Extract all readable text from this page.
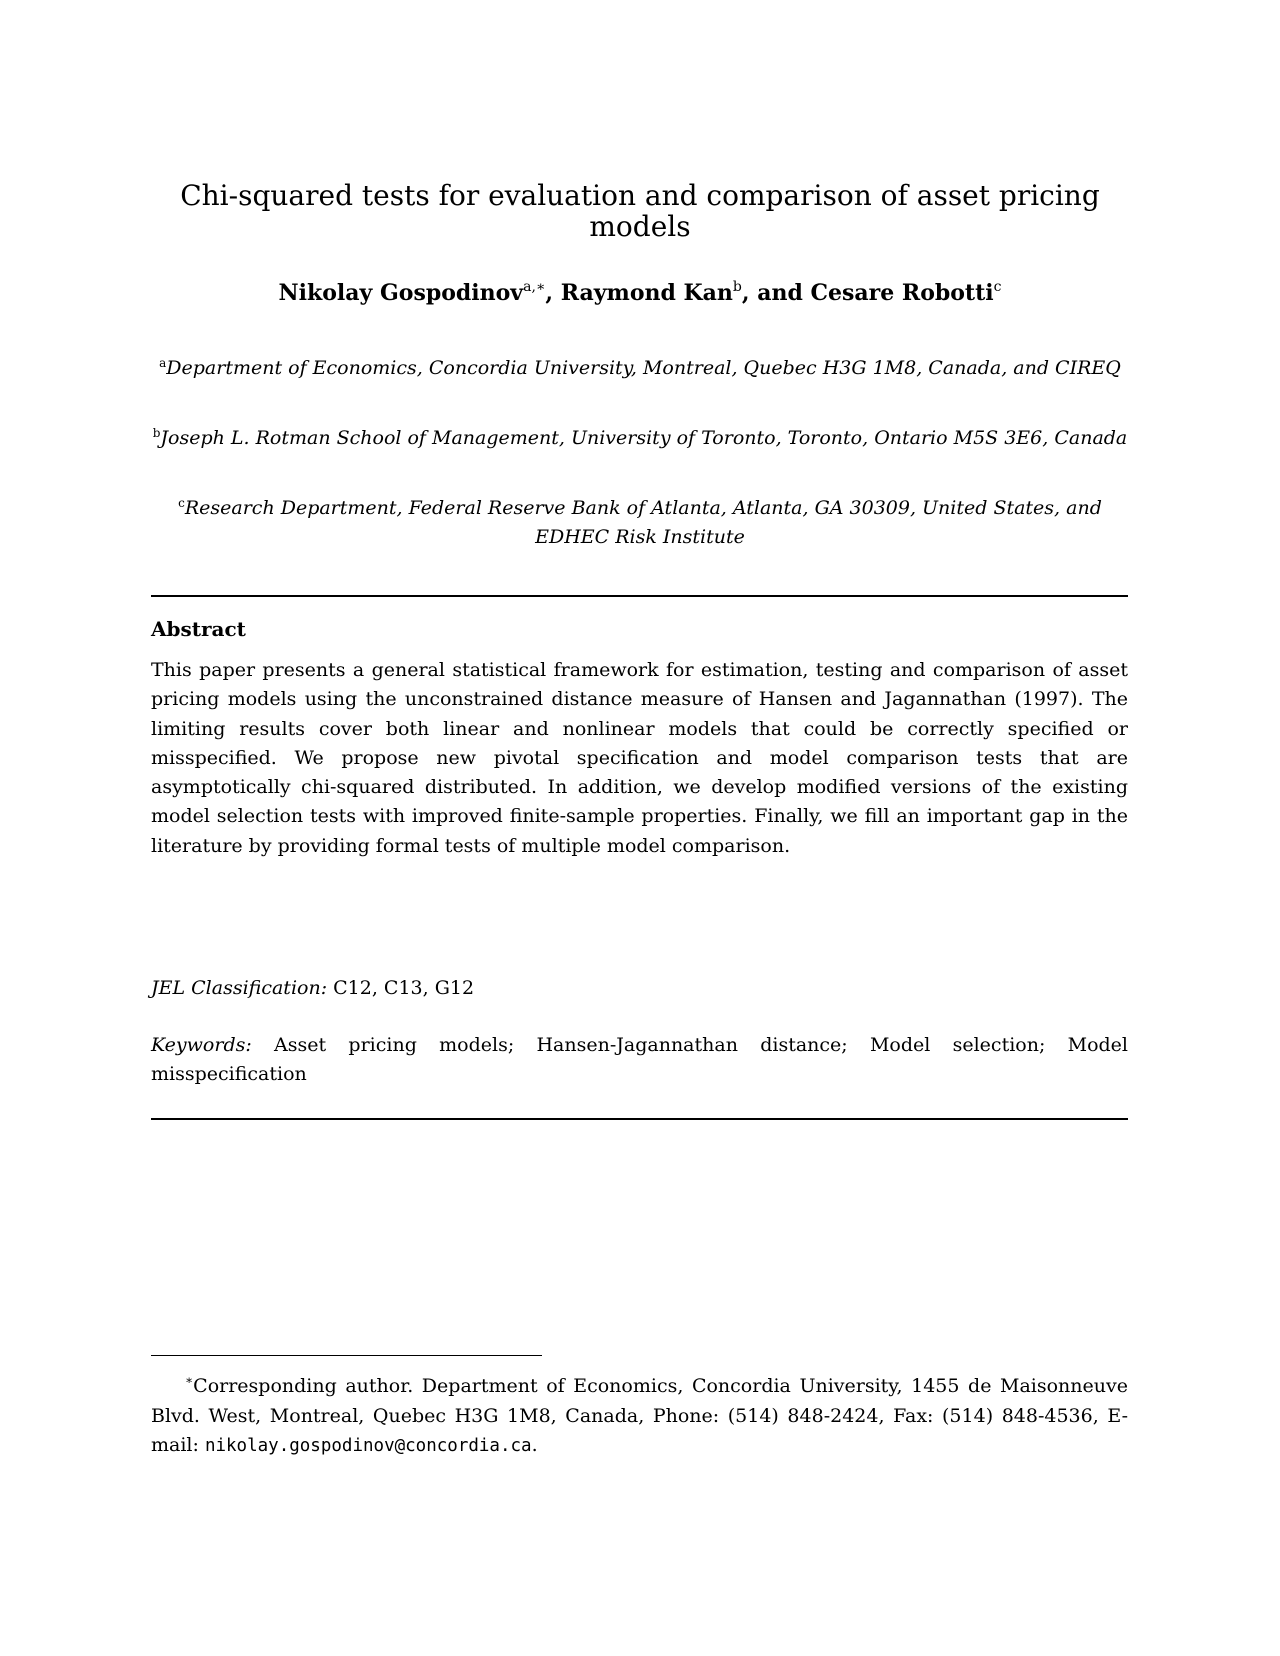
Chi-squared tests for evaluation and comparison of asset pricing models
Nikolay Gospodinov$^{a,∗}$, Raymond Kan$^b$, and Cesare Robotti$^c$
$^a$Department of Economics, Concordia University, Montreal, Quebec H3G 1M8, Canada, and CIREQ
$^b$Joseph L. Rotman School of Management, University of Toronto, Toronto, Ontario M5S 3E6, Canada
$^c$Research Department, Federal Reserve Bank of Atlanta, Atlanta, GA 30309, United States, and EDHEC Risk Institute
Abstract

This paper presents a general statistical framework for estimation, testing and comparison of asset pricing models using the unconstrained distance measure of Hansen and Jagannathan (1997). The limiting results cover both linear and nonlinear models that could be correctly specified or misspecified. We propose new pivotal specification and model comparison tests that are asymptotically chi-squared distributed. In addition, we develop modified versions of the existing model selection tests with improved finite-sample properties. Finally, we fill an important gap in the literature by providing formal tests of multiple model comparison.

JEL Classification: C12, C13, G12
Keywords: Asset pricing models; Hansen-Jagannathan distance; Model selection; Model misspecification
∗Corresponding author. Department of Economics, Concordia University, 1455 de Maisonneuve Blvd. West, Montreal, Quebec H3G 1M8, Canada, Phone: (514) 848-2424, Fax: (514) 848-4536, E-mail: nikolay.gospodinov@concordia.ca.
